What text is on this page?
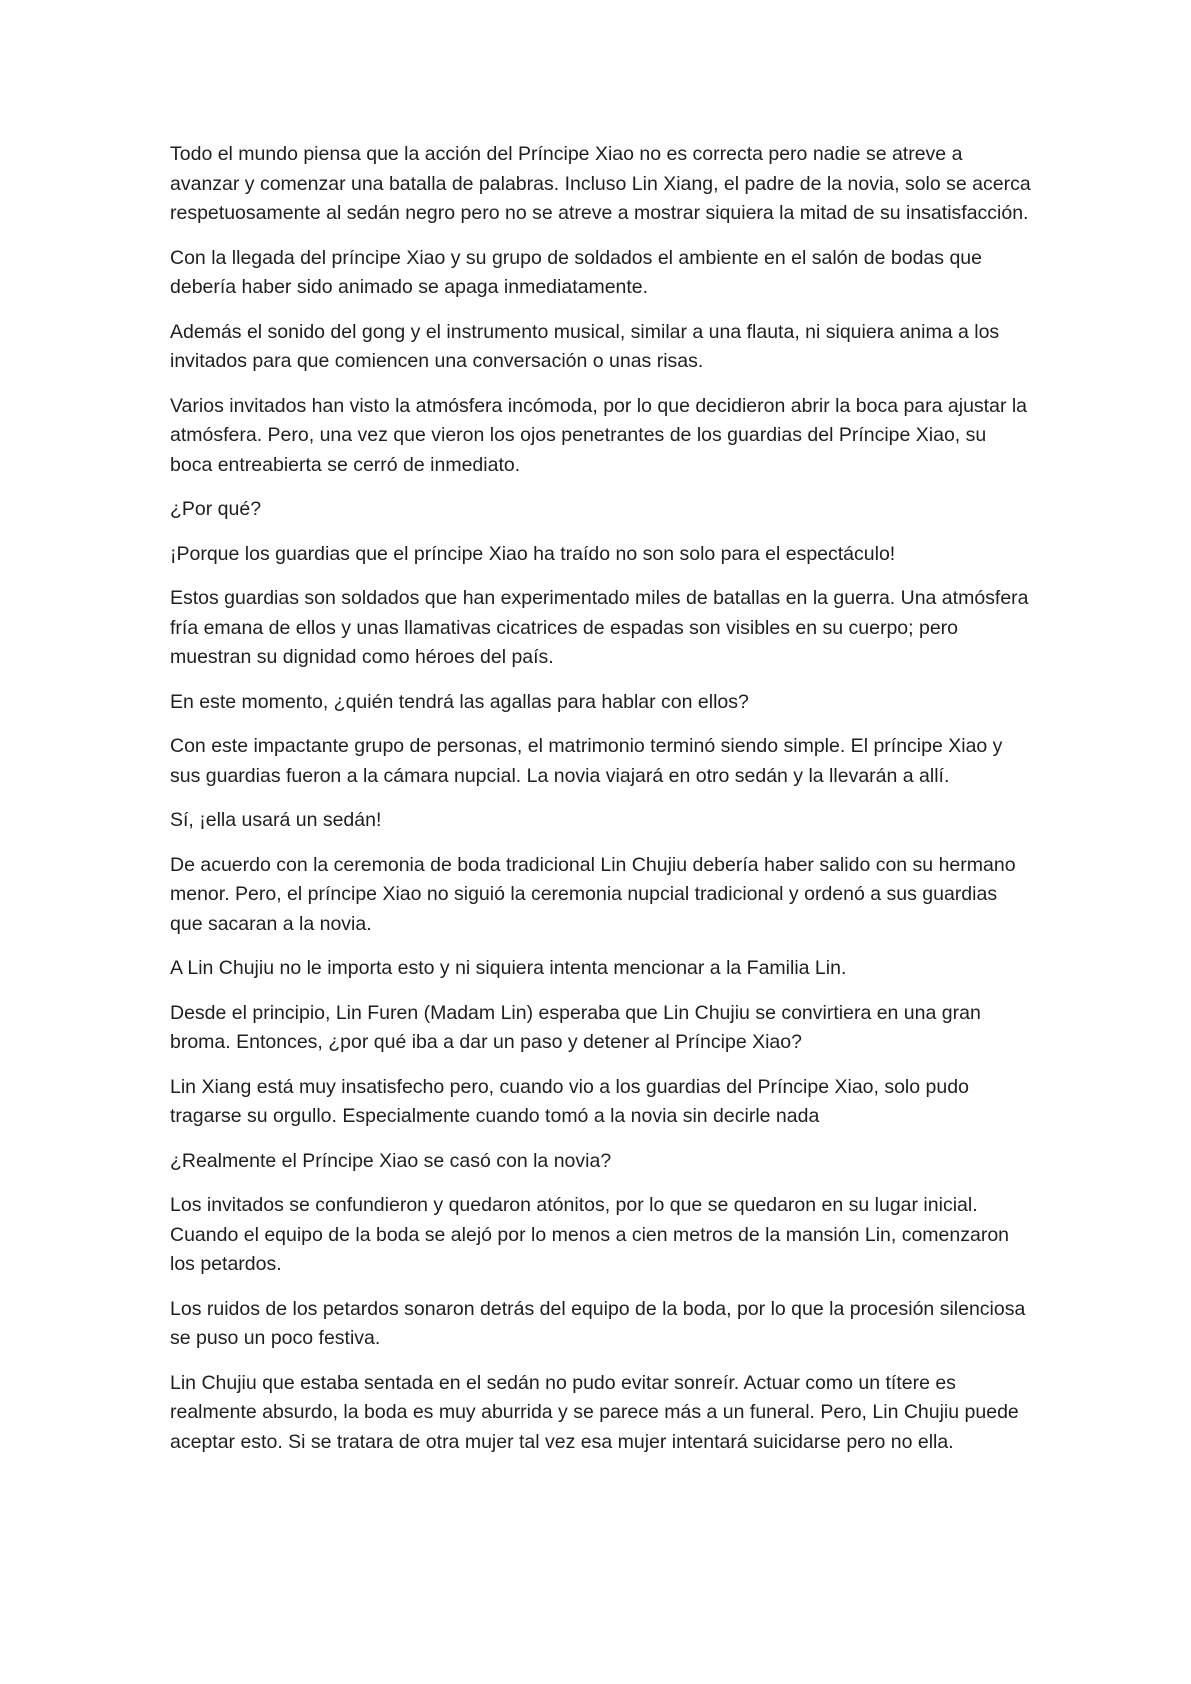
Todo el mundo piensa que la acción del Príncipe Xiao no es correcta pero nadie se atreve a avanzar y comenzar una batalla de palabras. Incluso Lin Xiang, el padre de la novia, solo se acerca respetuosamente al sedán negro pero no se atreve a mostrar siquiera la mitad de su insatisfacción.

Con la llegada del príncipe Xiao y su grupo de soldados el ambiente en el salón de bodas que debería haber sido animado se apaga inmediatamente.

Además el sonido del gong y el instrumento musical, similar a una flauta, ni siquiera anima a los invitados para que comiencen una conversación o unas risas.

Varios invitados han visto la atmósfera incómoda, por lo que decidieron abrir la boca para ajustar la atmósfera. Pero, una vez que vieron los ojos penetrantes de los guardias del Príncipe Xiao, su boca entreabierta se cerró de inmediato.

¿Por qué?

¡Porque los guardias que el príncipe Xiao ha traído no son solo para el espectáculo!

Estos guardias son soldados que han experimentado miles de batallas en la guerra. Una atmósfera fría emana de ellos y unas llamativas cicatrices de espadas son visibles en su cuerpo; pero muestran su dignidad como héroes del país.

En este momento, ¿quién tendrá las agallas para hablar con ellos?

Con este impactante grupo de personas, el matrimonio terminó siendo simple. El príncipe Xiao y sus guardias fueron a la cámara nupcial. La novia viajará en otro sedán y la llevarán a allí.

Sí, ¡ella usará un sedán!

De acuerdo con la ceremonia de boda tradicional Lin Chujiu debería haber salido con su hermano menor. Pero, el príncipe Xiao no siguió la ceremonia nupcial tradicional y ordenó a sus guardias que sacaran a la novia.

A Lin Chujiu no le importa esto y ni siquiera intenta mencionar a la Familia Lin.

Desde el principio, Lin Furen (Madam Lin) esperaba que Lin Chujiu se convirtiera en una gran broma. Entonces, ¿por qué iba a dar un paso y detener al Príncipe Xiao?

Lin Xiang está muy insatisfecho pero, cuando vio a los guardias del Príncipe Xiao, solo pudo tragarse su orgullo. Especialmente cuando tomó a la novia sin decirle nada

¿Realmente el Príncipe Xiao se casó con la novia?

Los invitados se confundieron y quedaron atónitos, por lo que se quedaron en su lugar inicial. Cuando el equipo de la boda se alejó por lo menos a cien metros de la mansión Lin, comenzaron los petardos.

Los ruidos de los petardos sonaron detrás del equipo de la boda, por lo que la procesión silenciosa se puso un poco festiva.

Lin Chujiu que estaba sentada en el sedán no pudo evitar sonreír. Actuar como un títere es realmente absurdo, la boda es muy aburrida y se parece más a un funeral. Pero, Lin Chujiu puede aceptar esto. Si se tratara de otra mujer tal vez esa mujer intentará suicidarse pero no ella.
